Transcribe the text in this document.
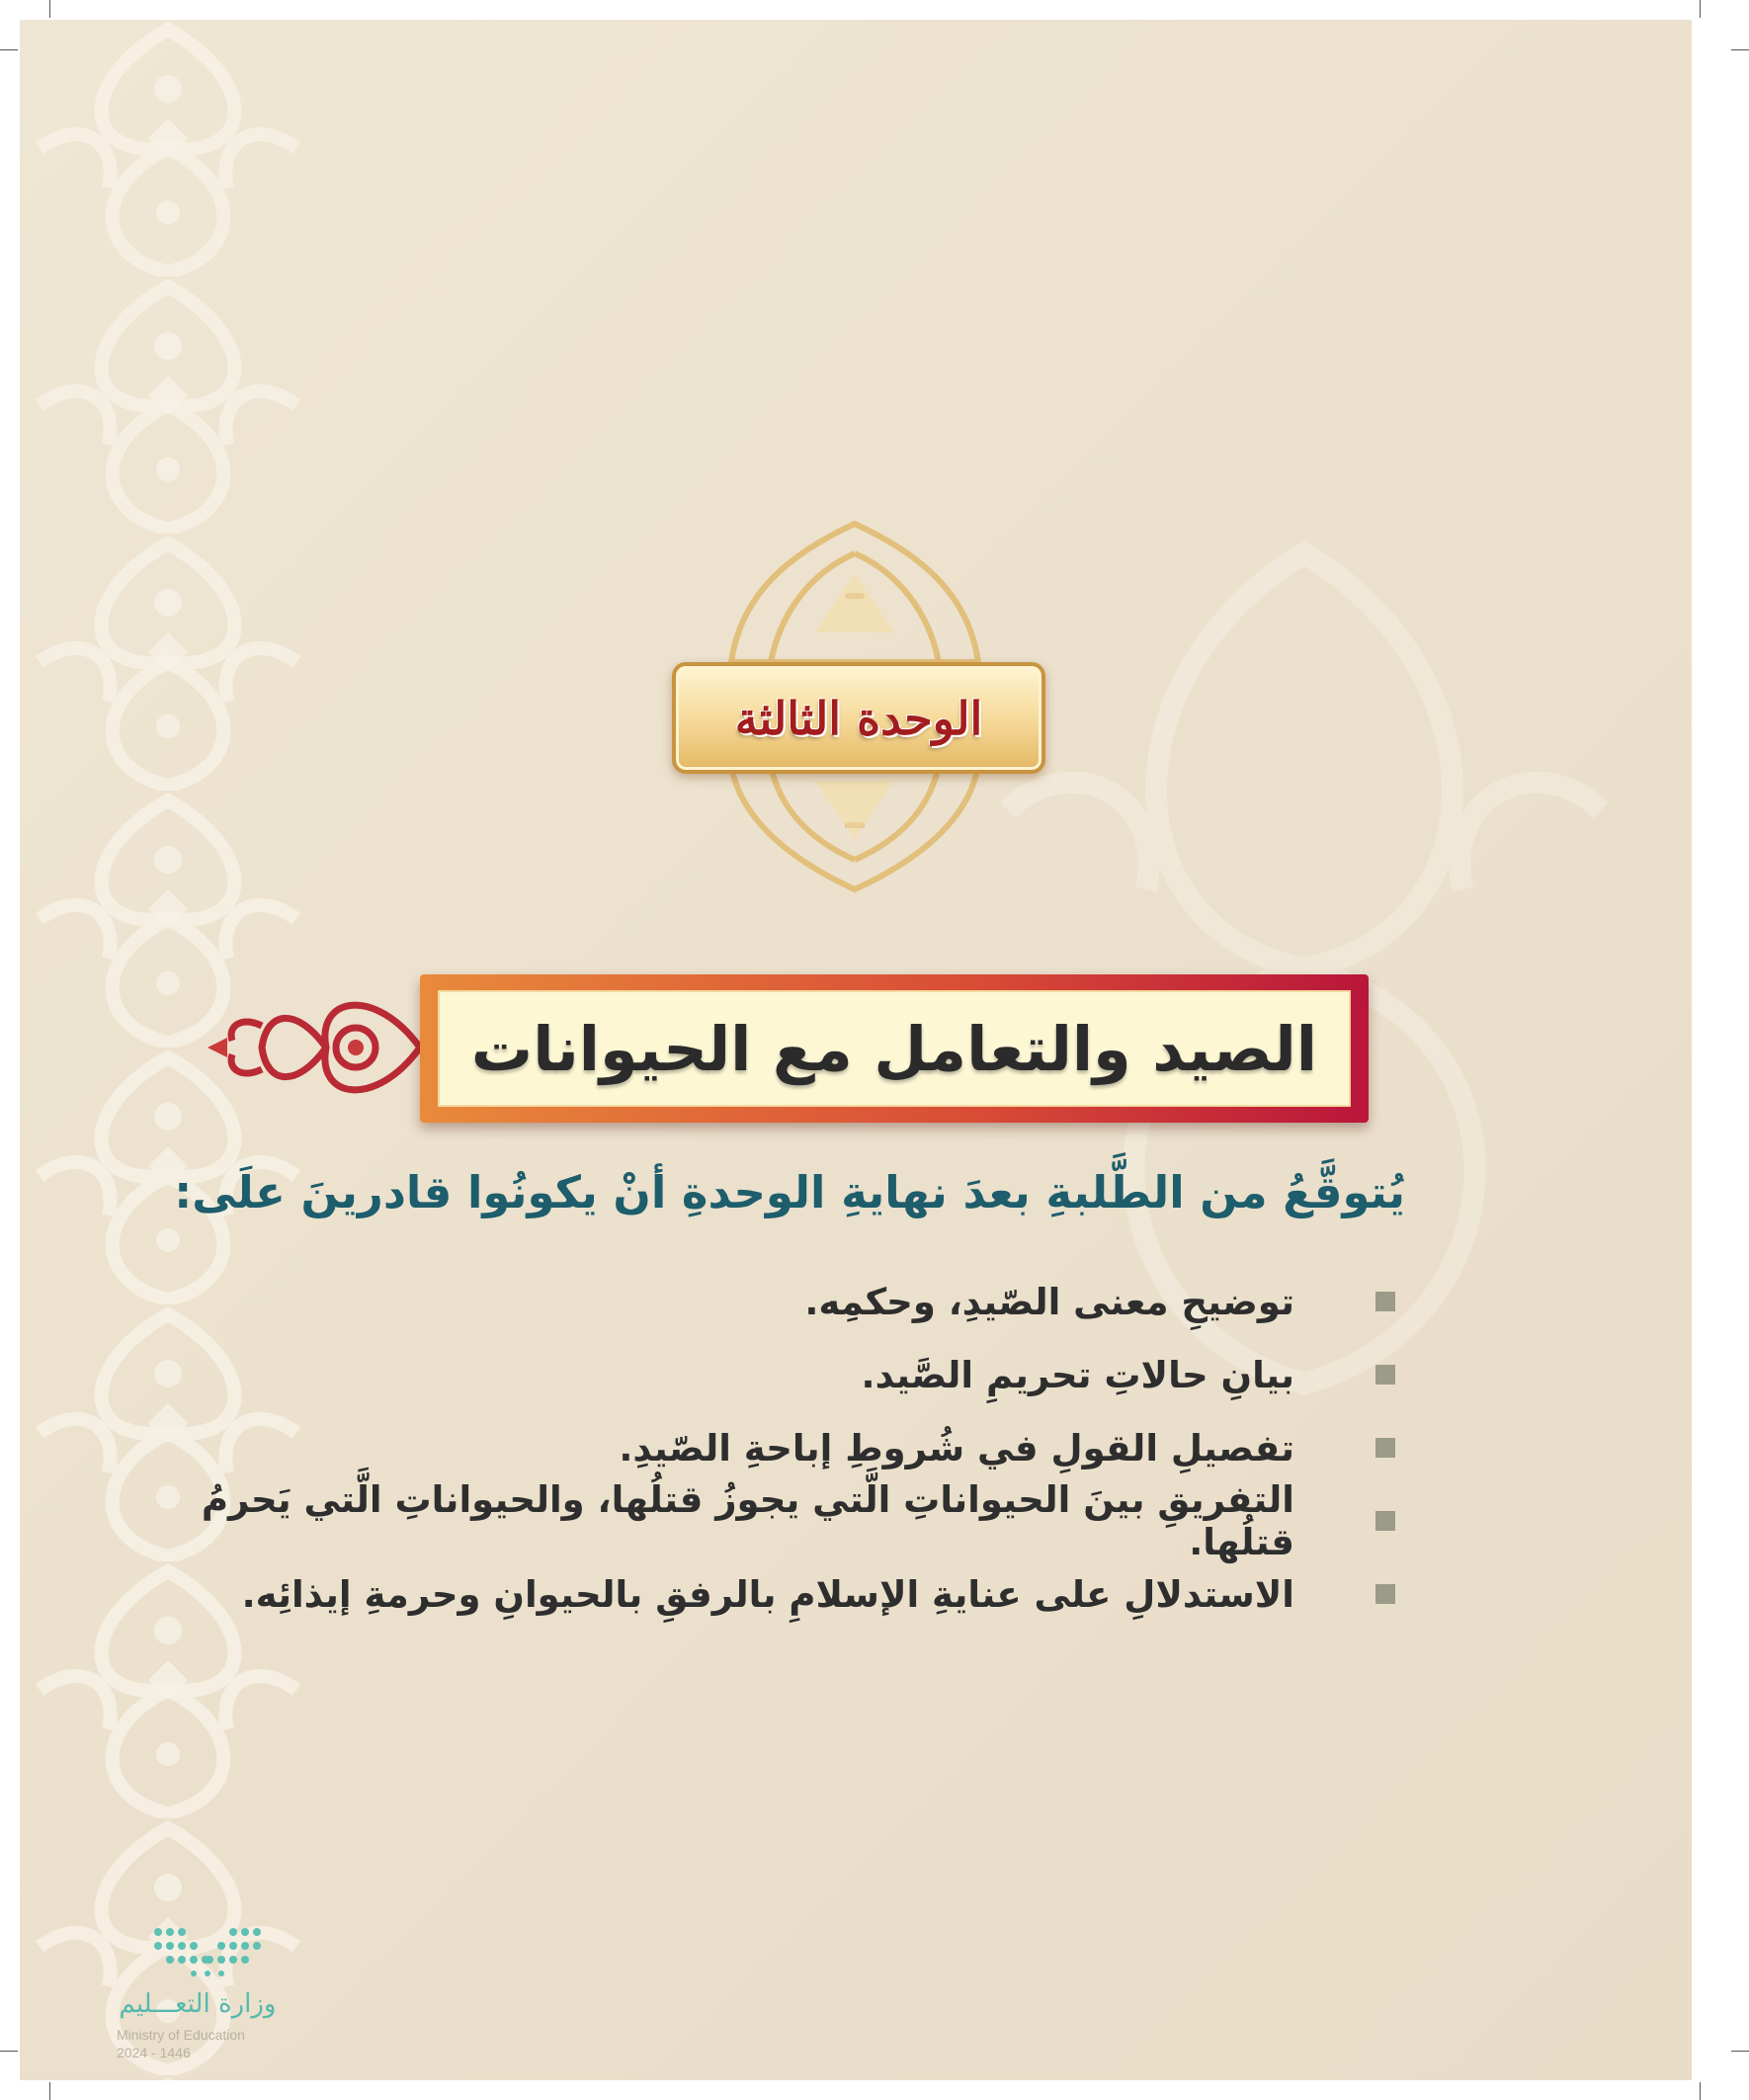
الوحدة الثالثة
الصيد والتعامل مع الحيوانات
يُتوقَّعُ من الطَّلبةِ بعدَ نهايةِ الوحدةِ أنْ يكونُوا قادرينَ علَى:
توضيحِ معنى الصّيدِ، وحكمِه.
بيانِ حالاتِ تحريمِ الصَّيد.
تفصيلِ القولِ في شُروطِ إباحةِ الصّيدِ.
التفريقِ بينَ الحيواناتِ الَّتي يجوزُ قتلُها، والحيواناتِ الَّتي يَحرمُ قتلُها.
الاستدلالِ على عنايةِ الإسلامِ بالرفقِ بالحيوانِ وحرمةِ إيذائِه.
وزارة التعـــليم
Ministry of Education
2024 - 1446
